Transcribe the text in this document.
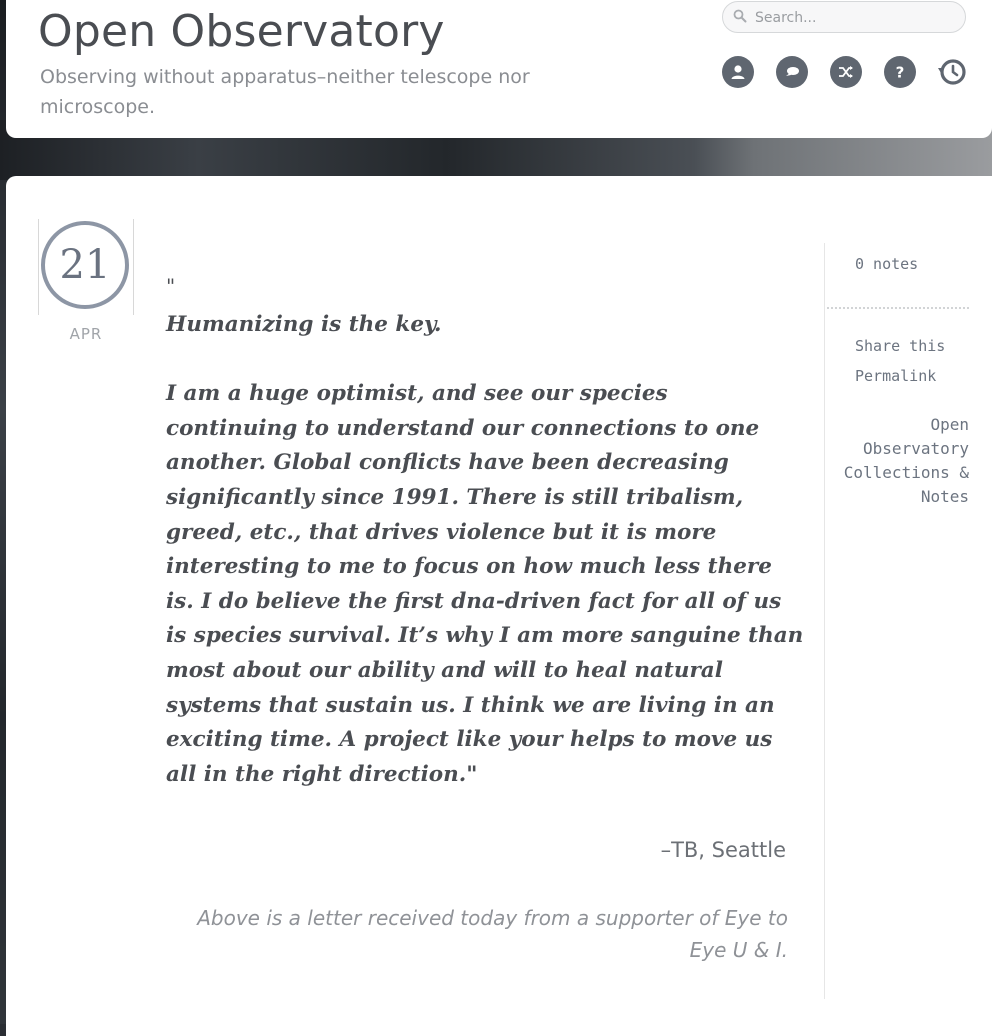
Open Observatory

Observing without apparatus–neither telescope nor microscope.

Search...
?
21
APR
"

Humanizing is the key.

I am a huge optimist, and see our species continuing to understand our connections to one another. Global conflicts have been decreasing significantly since 1991. There is still tribalism, greed, etc., that drives violence but it is more interesting to me to focus on how much less there is. I do believe the first dna-driven fact for all of us is species survival. It’s why I am more sanguine than most about our ability and will to heal natural systems that sustain us. I think we are living in an exciting time. A project like your helps to move us all in the right direction."

–TB, Seattle
Above is a letter received today from a supporter of Eye to Eye U & I.
0 notes
Share this
Permalink
Open Observatory Collections & Notes
